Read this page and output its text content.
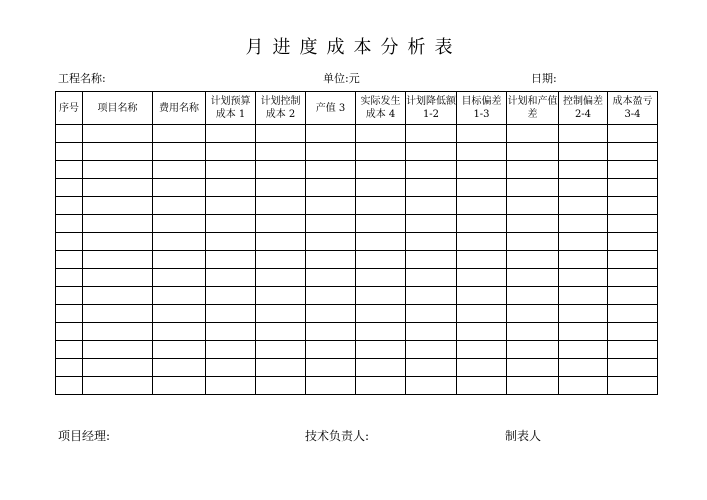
月进度成本分析表
工程名称:	单位:元	日期:
序号	项目名称	费用名称	计划预算成本 1	计划控制成本 2	产值 3	实际发生成本 4	计划降低额 1-2	目标偏差 1-3	计划和产值差	控制偏差 2-4	成本盈亏 3-4

项目经理:	技术负责人:	制表人
